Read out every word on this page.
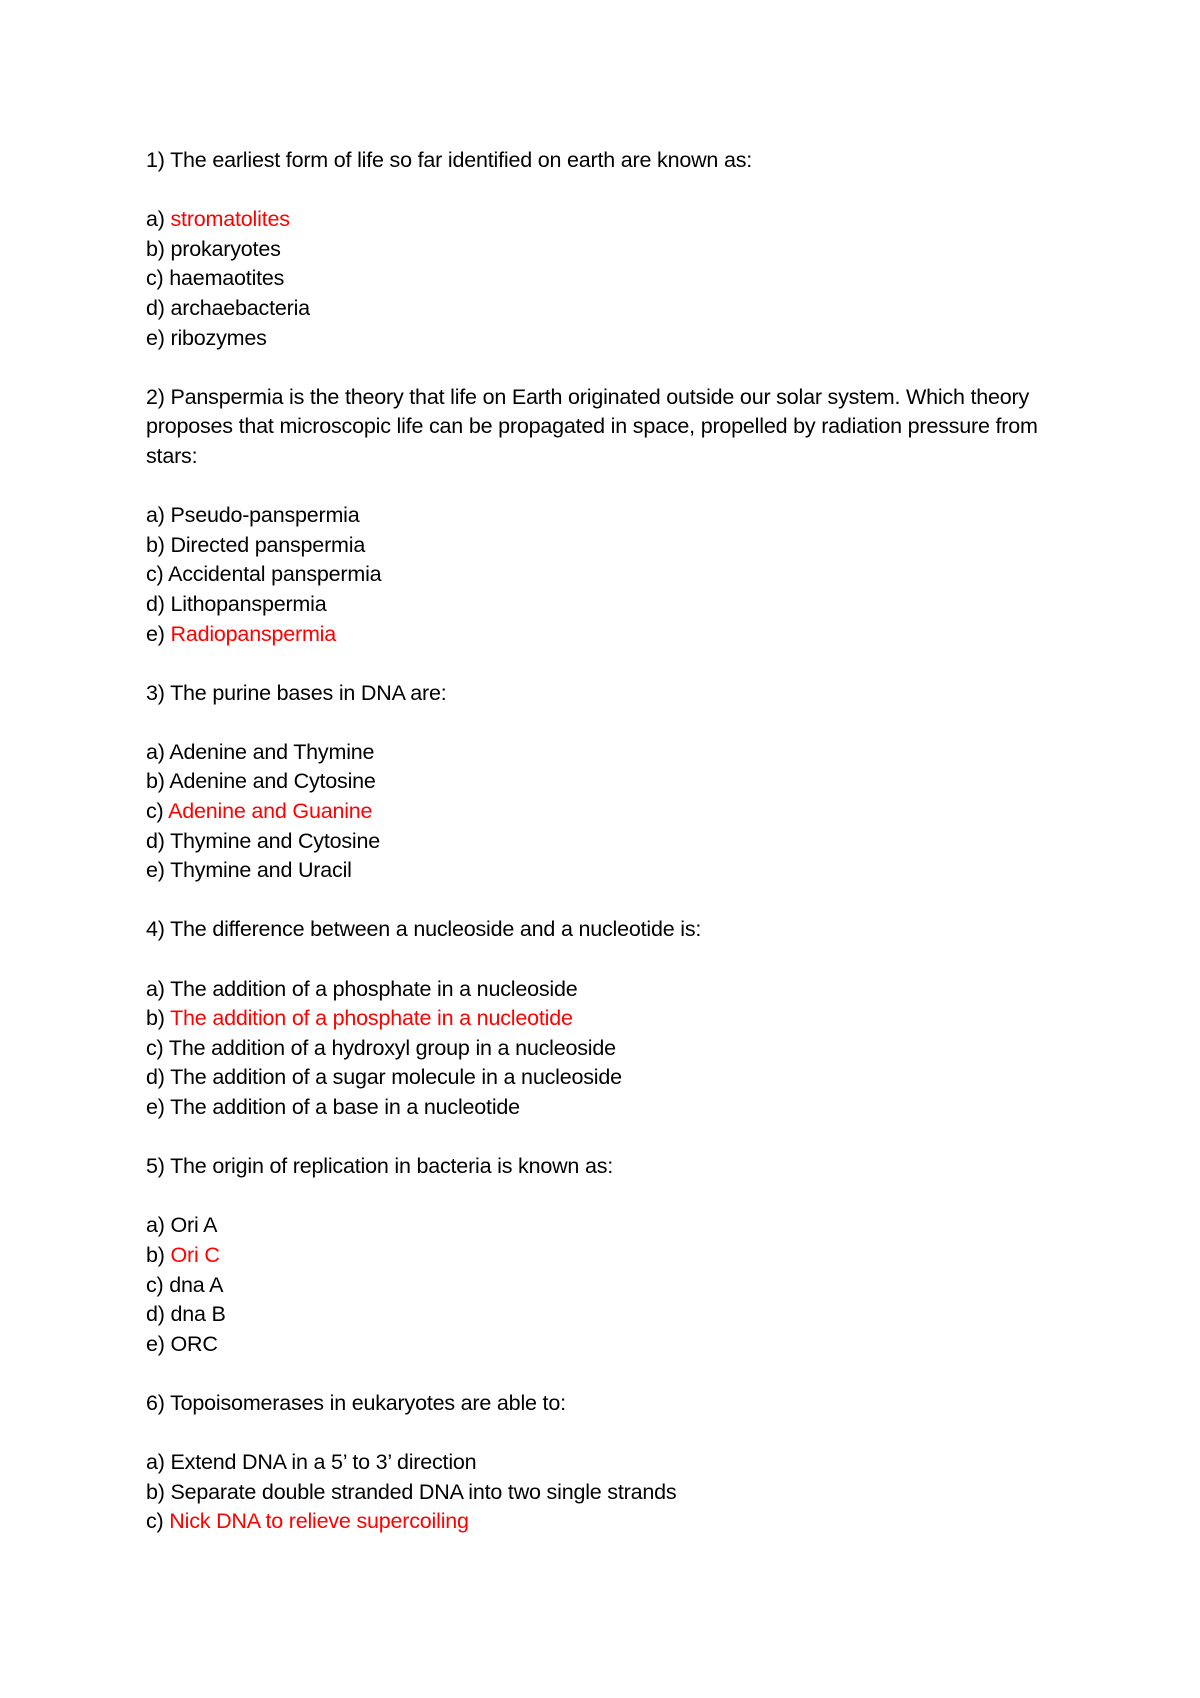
1) The earliest form of life so far identified on earth are known as:

a) stromatolites

b) prokaryotes

c) haemaotites

d) archaebacteria

e) ribozymes

2) Panspermia is the theory that life on Earth originated outside our solar system. Which theory proposes that microscopic life can be propagated in space, propelled by radiation pressure from stars:

a) Pseudo-panspermia

b) Directed panspermia

c) Accidental panspermia

d) Lithopanspermia

e) Radiopanspermia

3) The purine bases in DNA are:

a) Adenine and Thymine

b) Adenine and Cytosine

c) Adenine and Guanine

d) Thymine and Cytosine

e) Thymine and Uracil

4) The difference between a nucleoside and a nucleotide is:

a) The addition of a phosphate in a nucleoside

b) The addition of a phosphate in a nucleotide

c) The addition of a hydroxyl group in a nucleoside

d) The addition of a sugar molecule in a nucleoside

e) The addition of a base in a nucleotide

5) The origin of replication in bacteria is known as:

a) Ori A

b) Ori C

c) dna A

d) dna B

e) ORC

6) Topoisomerases in eukaryotes are able to:

a) Extend DNA in a 5’ to 3’ direction

b) Separate double stranded DNA into two single strands

c) Nick DNA to relieve supercoiling
